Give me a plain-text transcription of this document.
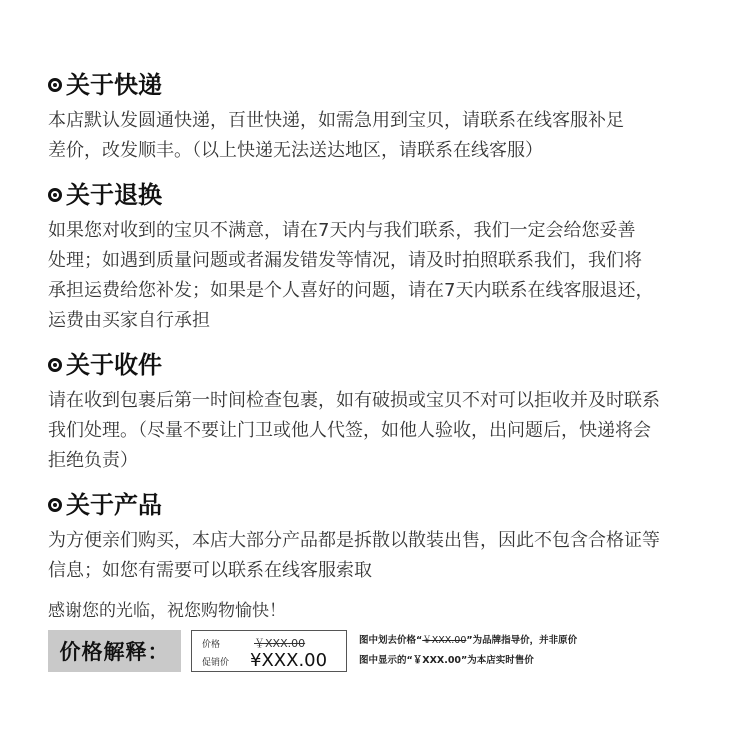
关于快递
本店默认发圆通快递，百世快递，如需急用到宝贝，请联系在线客服补足
差价，改发顺丰。（以上快递无法送达地区，请联系在线客服）
关于退换
如果您对收到的宝贝不满意，请在7天内与我们联系，我们一定会给您妥善
处理；如遇到质量问题或者漏发错发等情况，请及时拍照联系我们，我们将
承担运费给您补发；如果是个人喜好的问题，请在7天内联系在线客服退还，
运费由买家自行承担
关于收件
请在收到包裹后第一时间检查包裹，如有破损或宝贝不对可以拒收并及时联系
我们处理。（尽量不要让门卫或他人代签，如他人验收，出问题后，快递将会
拒绝负责）
关于产品
为方便亲们购买，本店大部分产品都是拆散以散装出售，因此不包含合格证等
信息；如您有需要可以联系在线客服索取
感谢您的光临，祝您购物愉快！
价格解释：	价格	￥XXX.00
促销价	¥XXX.00
图中划去价格“￥XXX.00”为品牌指导价，并非原价
图中显示的“￥XXX.00”为本店实时售价
